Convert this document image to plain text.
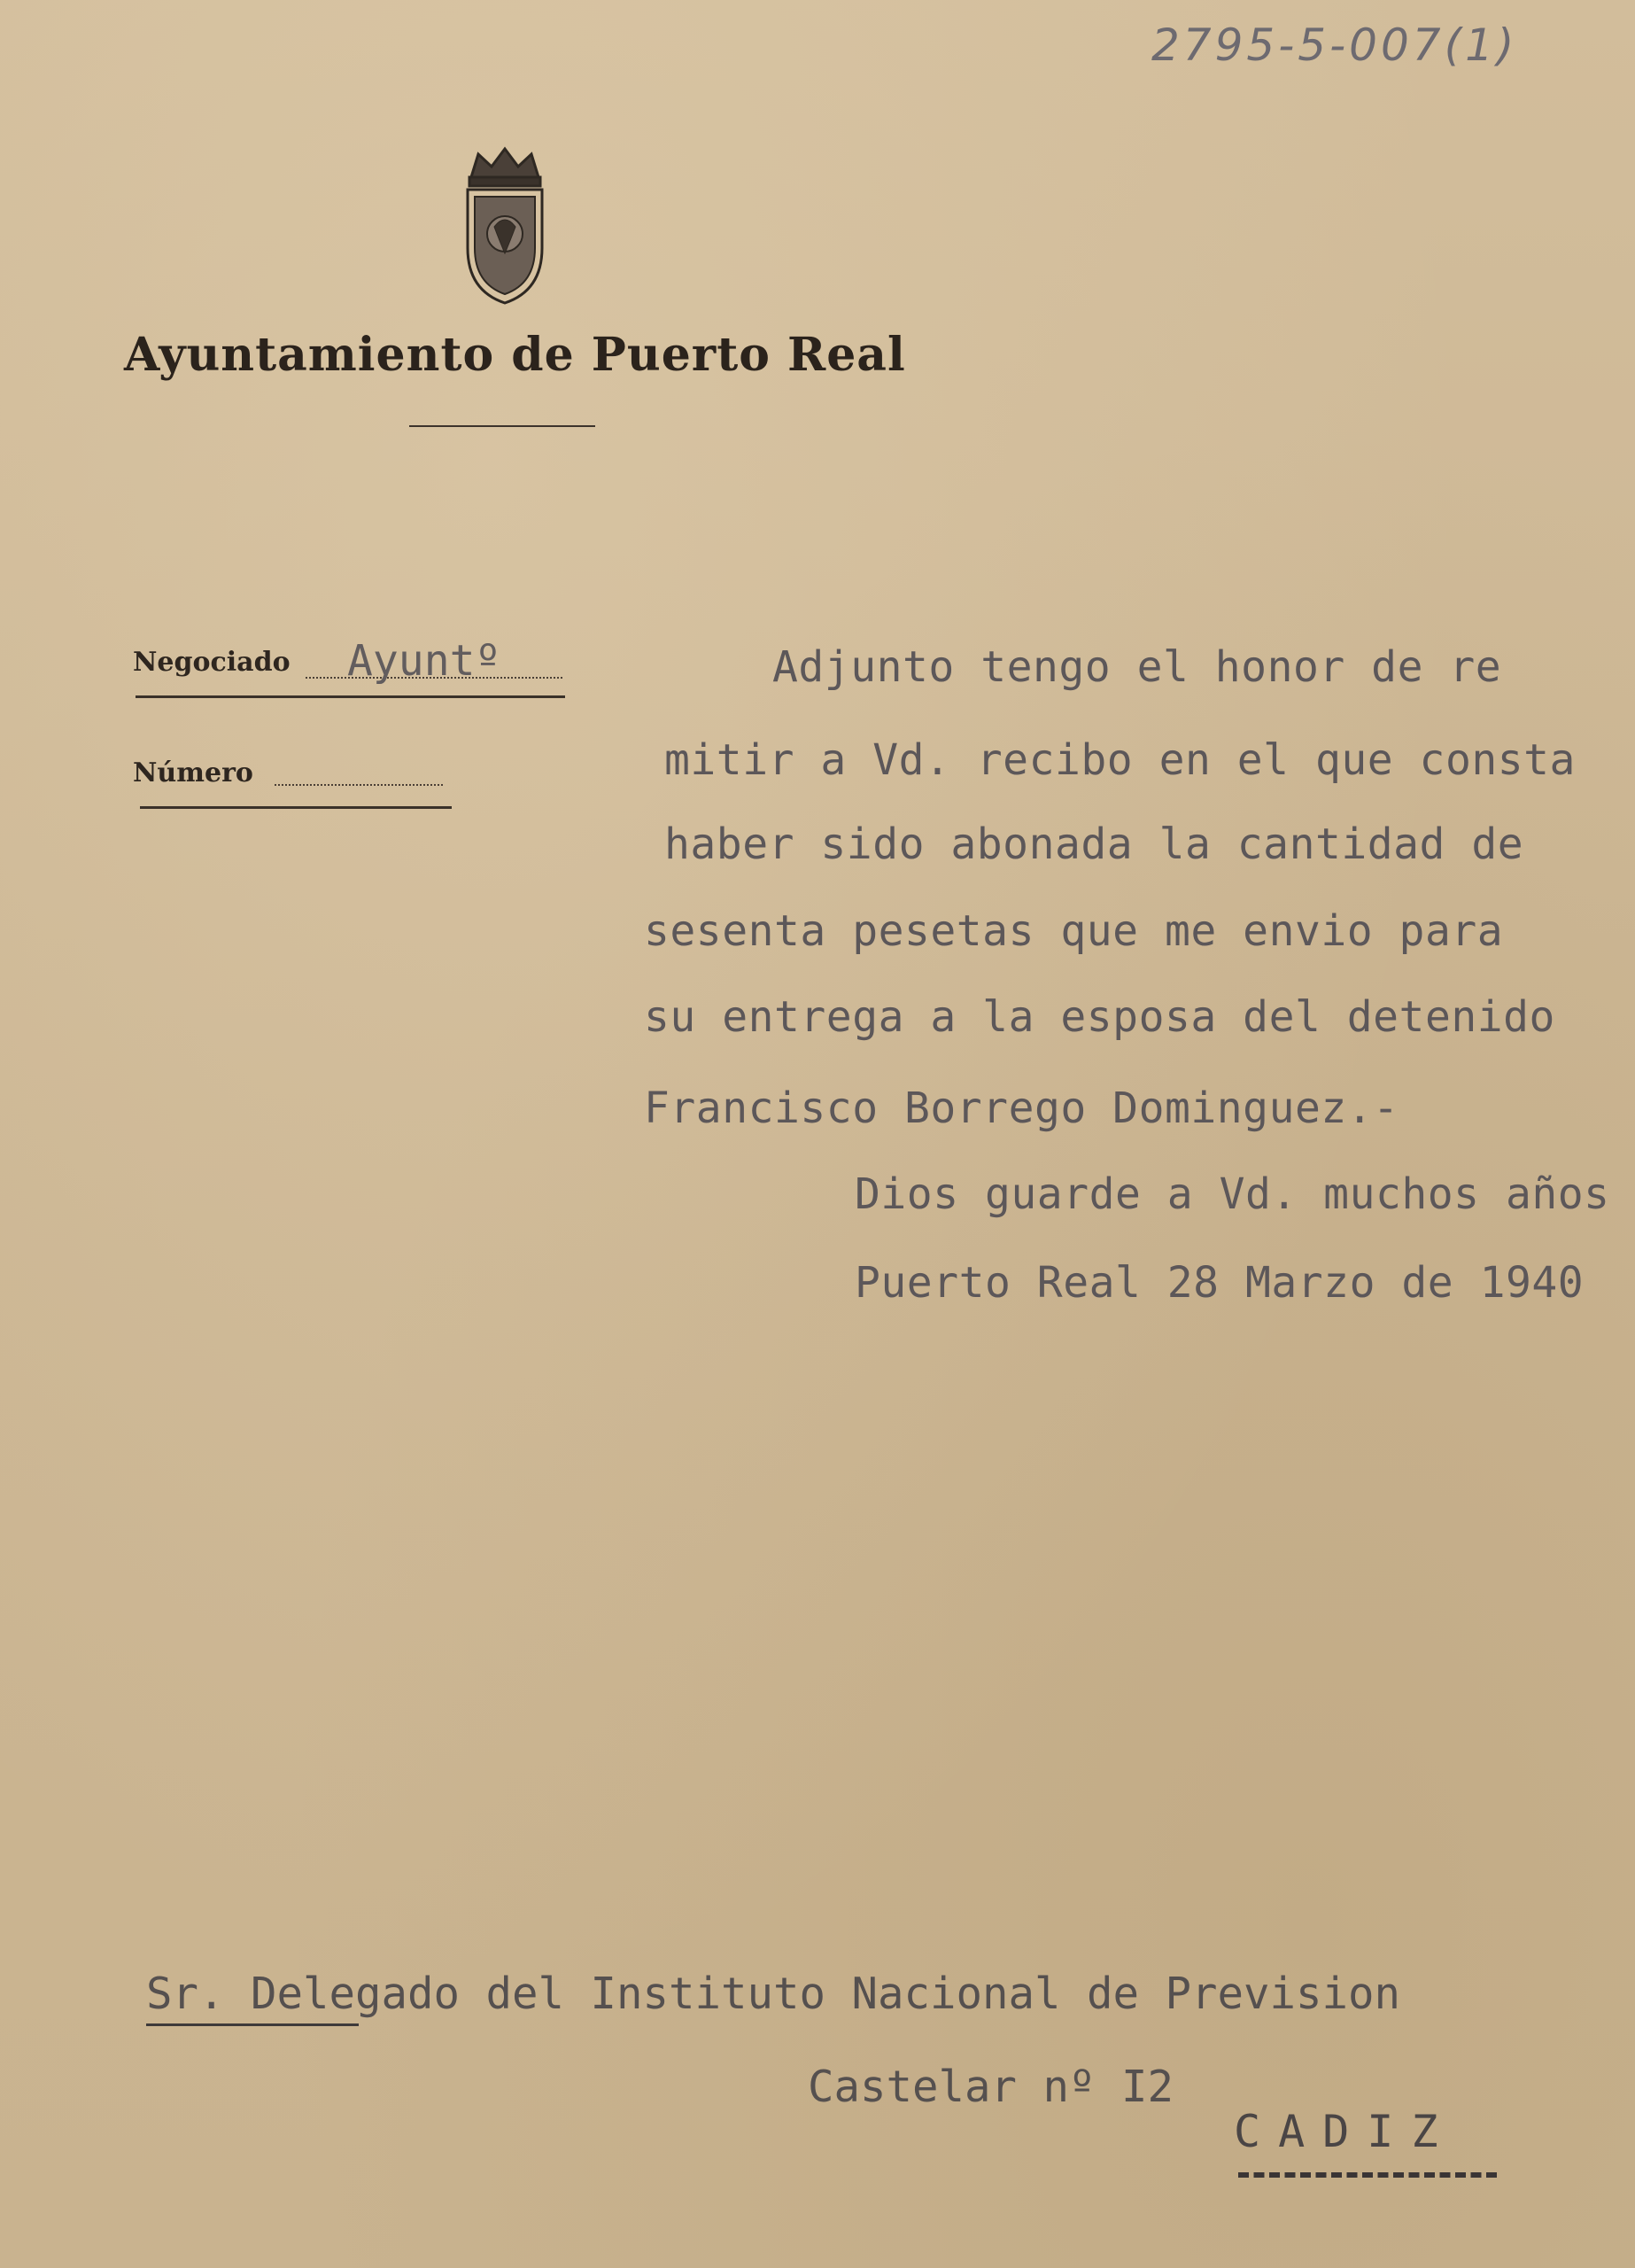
2795-5-007(1)
Ayuntamiento de Puerto Real
Negociado Ayuntº
Número
Adjunto tengo el honor de re
mitir a Vd. recibo en el que consta
haber sido abonada la cantidad de
sesenta pesetas que me envio para
su entrega a la esposa del detenido
Francisco Borrego Dominguez.-
Dios guarde a Vd. muchos años
Puerto Real 28 Marzo de 1940
Sr. Delegado del Instituto Nacional de Prevision
Castelar nº I2
CADIZ
